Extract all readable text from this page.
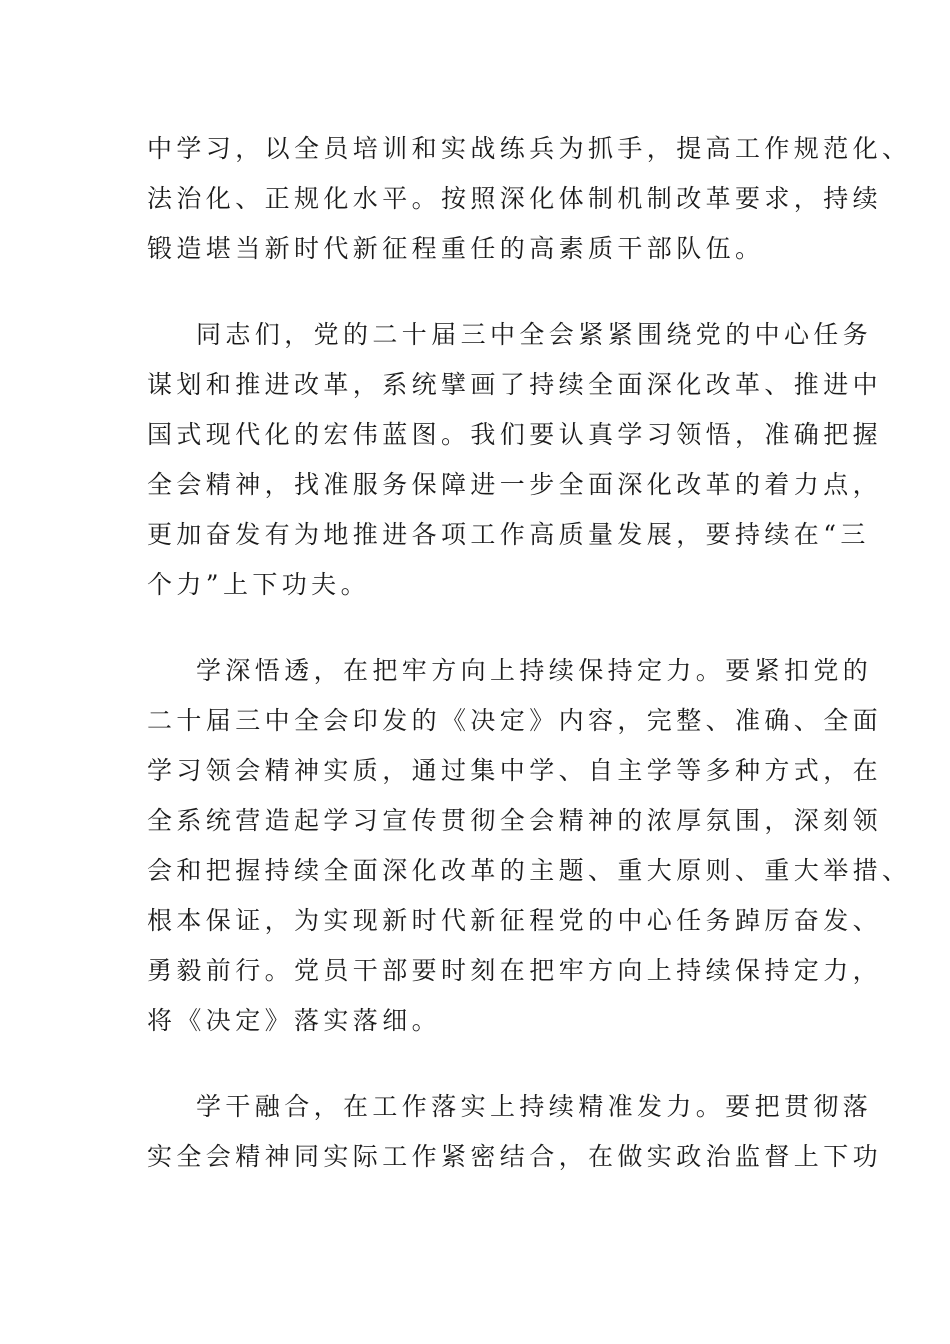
中学习，以全员培训和实战练兵为抓手，提高工作规范化、
法治化、正规化水平。按照深化体制机制改革要求，持续
锻造堪当新时代新征程重任的高素质干部队伍。
同志们，党的二十届三中全会紧紧围绕党的中心任务
谋划和推进改革，系统擘画了持续全面深化改革、推进中
国式现代化的宏伟蓝图。我们要认真学习领悟，准确把握
全会精神，找准服务保障进一步全面深化改革的着力点，
更加奋发有为地推进各项工作高质量发展，要持续在“三
个力”上下功夫。
学深悟透，在把牢方向上持续保持定力。要紧扣党的
二十届三中全会印发的《决定》内容，完整、准确、全面
学习领会精神实质，通过集中学、自主学等多种方式，在
全系统营造起学习宣传贯彻全会精神的浓厚氛围，深刻领
会和把握持续全面深化改革的主题、重大原则、重大举措、
根本保证，为实现新时代新征程党的中心任务踔厉奋发、
勇毅前行。党员干部要时刻在把牢方向上持续保持定力，
将《决定》落实落细。
学干融合，在工作落实上持续精准发力。要把贯彻落
实全会精神同实际工作紧密结合，在做实政治监督上下功
